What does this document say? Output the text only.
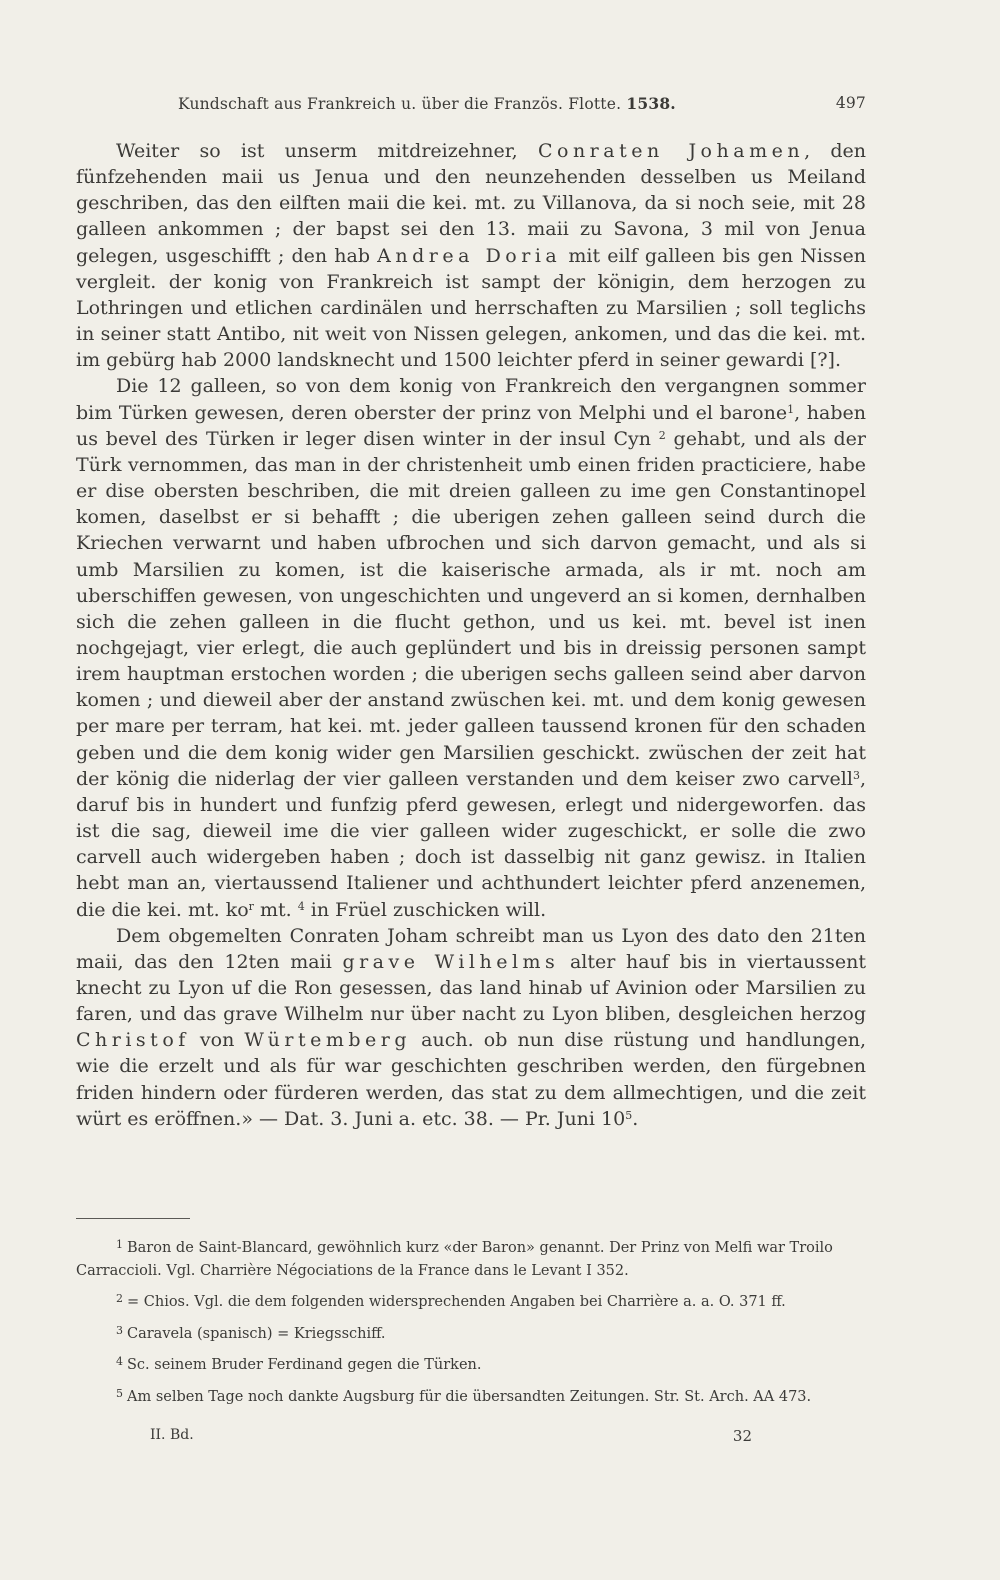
Kundschaft aus Frankreich u. über die Französ. Flotte. 1538.	497

Weiter so ist unserm mitdreizehner, Conraten Johamen, den fünfzehenden maii us Jenua und den neunzehenden desselben us Meiland geschriben, das den eilften maii die kei. mt. zu Villanova, da si noch seie, mit 28 galleen ankommen ; der bapst sei den 13. maii zu Savona, 3 mil von Jenua gelegen, usgeschifft ; den hab Andrea Doria mit eilf galleen bis gen Nissen vergleit. der konig von Frankreich ist sampt der königin, dem herzogen zu Lothringen und etlichen cardinälen und herrschaften zu Marsilien ; soll teglichs in seiner statt Antibo, nit weit von Nissen gelegen, ankomen, und das die kei. mt. im gebürg hab 2000 landsknecht und 1500 leichter pferd in seiner gewardi [?].

Die 12 galleen, so von dem konig von Frankreich den vergangnen sommer bim Türken gewesen, deren oberster der prinz von Melphi und el barone$^1$, haben us bevel des Türken ir leger disen winter in der insul Cyn $^2$ gehabt, und als der Türk vernommen, das man in der christenheit umb einen friden practiciere, habe er dise obersten beschriben, die mit dreien galleen zu ime gen Constantinopel komen, daselbst er si behafft ; die uberigen zehen galleen seind durch die Kriechen verwarnt und haben ufbrochen und sich darvon gemacht, und als si umb Marsilien zu komen, ist die kaiserische armada, als ir mt. noch am uberschiffen gewesen, von ungeschichten und ungeverd an si komen, dernhalben sich die zehen galleen in die flucht gethon, und us kei. mt. bevel ist inen nochgejagt, vier erlegt, die auch geplündert und bis in dreissig personen sampt irem hauptman erstochen worden ; die uberigen sechs galleen seind aber darvon komen ; und dieweil aber der anstand zwüschen kei. mt. und dem konig gewesen per mare per terram, hat kei. mt. jeder galleen taussend kronen für den schaden geben und die dem konig wider gen Marsilien geschickt. zwüschen der zeit hat der könig die niderlag der vier galleen verstanden und dem keiser zwo carvell$^3$, daruf bis in hundert und funfzig pferd gewesen, erlegt und nidergeworfen. das ist die sag, dieweil ime die vier galleen wider zugeschickt, er solle die zwo carvell auch widergeben haben ; doch ist dasselbig nit ganz gewisz. in Italien hebt man an, viertaussend Italiener und achthundert leichter pferd anzenemen, die die kei. mt. $ko^r$ mt. $^4$ in Früel zuschicken will.

Dem obgemelten Conraten Joham schreibt man us Lyon des dato den 21ten maii, das den 12ten maii grave Wilhelms alter hauf bis in viertaussent knecht zu Lyon uf die Ron gesessen, das land hinab uf Avinion oder Marsilien zu faren, und das grave Wilhelm nur über nacht zu Lyon bliben, desgleichen herzog Christof von Würtemberg auch. ob nun dise rüstung und handlungen, wie die erzelt und als für war geschichten geschriben werden, den fürgebnen friden hindern oder fürderen werden, das stat zu dem allmechtigen, und die zeit würt es eröffnen.» — Dat. 3. Juni a. etc. 38. — Pr. Juni $10^5$.

$^1$ Baron de Saint-Blancard, gewöhnlich kurz «der Baron» genannt. Der Prinz von Melfi war Troilo Carraccioli. Vgl. Charrière Négociations de la France dans le Levant I 352.

$^2$ = Chios. Vgl. die dem folgenden widersprechenden Angaben bei Charrière a. a. O. 371 ff.

$^3$ Caravela (spanisch) = Kriegsschiff.

$^4$ Sc. seinem Bruder Ferdinand gegen die Türken.

$^5$ Am selben Tage noch dankte Augsburg für die übersandten Zeitungen. Str. St. Arch. AA 473.

II. Bd.	32
